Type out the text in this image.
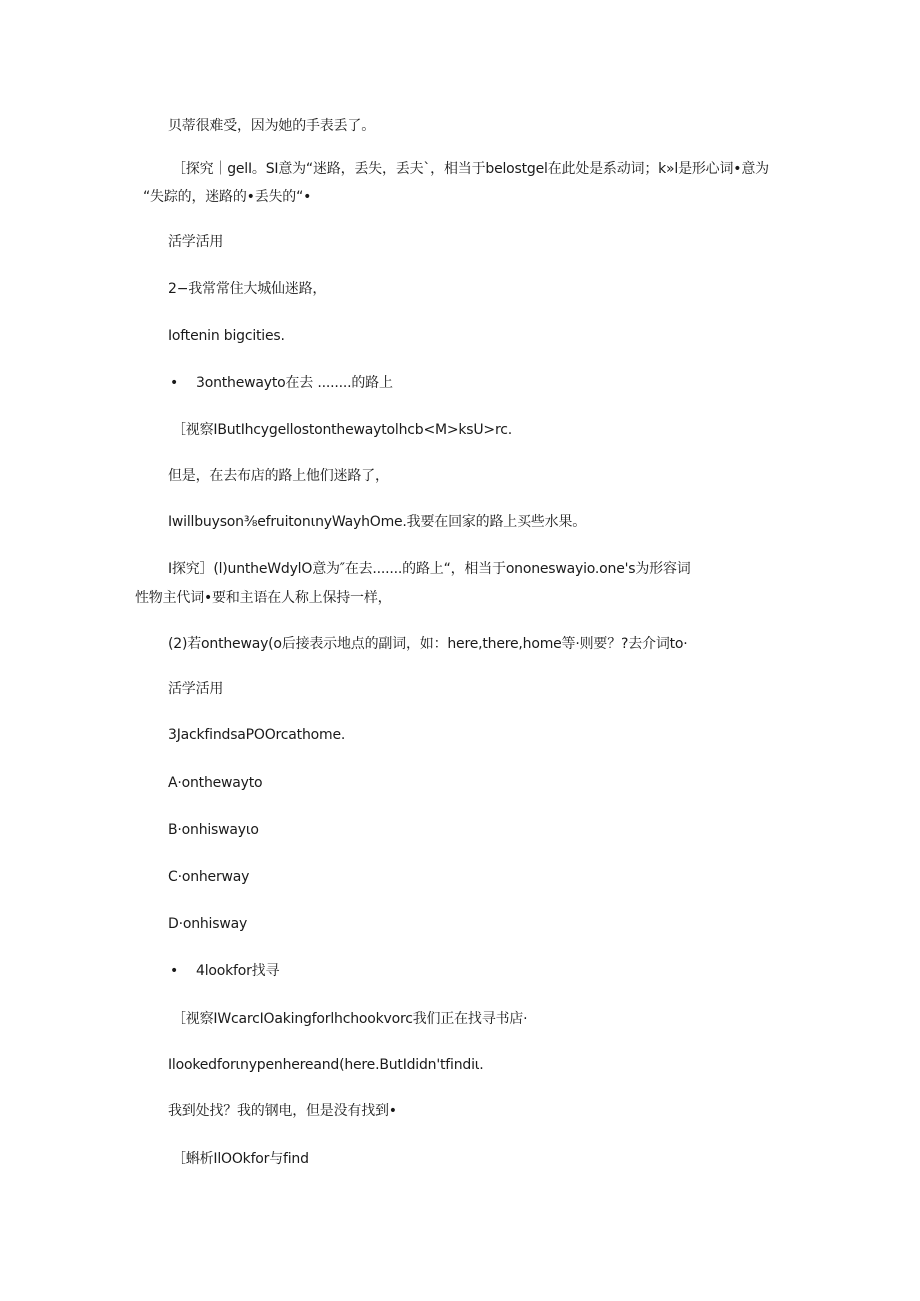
贝蒂很难受，因为她的手表丢了。
［探究｜gelI。SI意为“迷路，丢失，丢夫`，相当于belostgel在此处是系动词；k»l是形心词•意为
“失踪的，迷路的•丢失的“•
活学活用
2−我常常住大城仙迷路，
Ioftenin bigcities.
• 3onthewayto在去 ........的路上
［视察IButIhcygellostonthewaytolhcb<M>ksU>rc.
但是，在去布店的路上他们迷路了，
Iwillbuyson⅜efruitonιnyWayhOme.我要在回家的路上买些水果。
I探究］(l)untheWdylO意为″在去.......的路上“，相当于ononeswayio.one's为形容词
性物主代词•要和主语在人称上保持一样，
(2)若ontheway(o后接表示地点的副词，如：here,there,home等·则要？?去介词to·
活学活用
3JackfindsaPOOrcathome.
A·onthewayto
B·onhiswayιo
C·onherway
D·onhisway
• 4lookfor找寻
［视察IWcarcIOakingforlhchookvorc我们正在找寻书店·
Ilookedforιnypenhereand(here.ButIdidn'tfindiι.
我到处找？我的钢电，但是没有找到•
［蝌析IlOOkfor与find
